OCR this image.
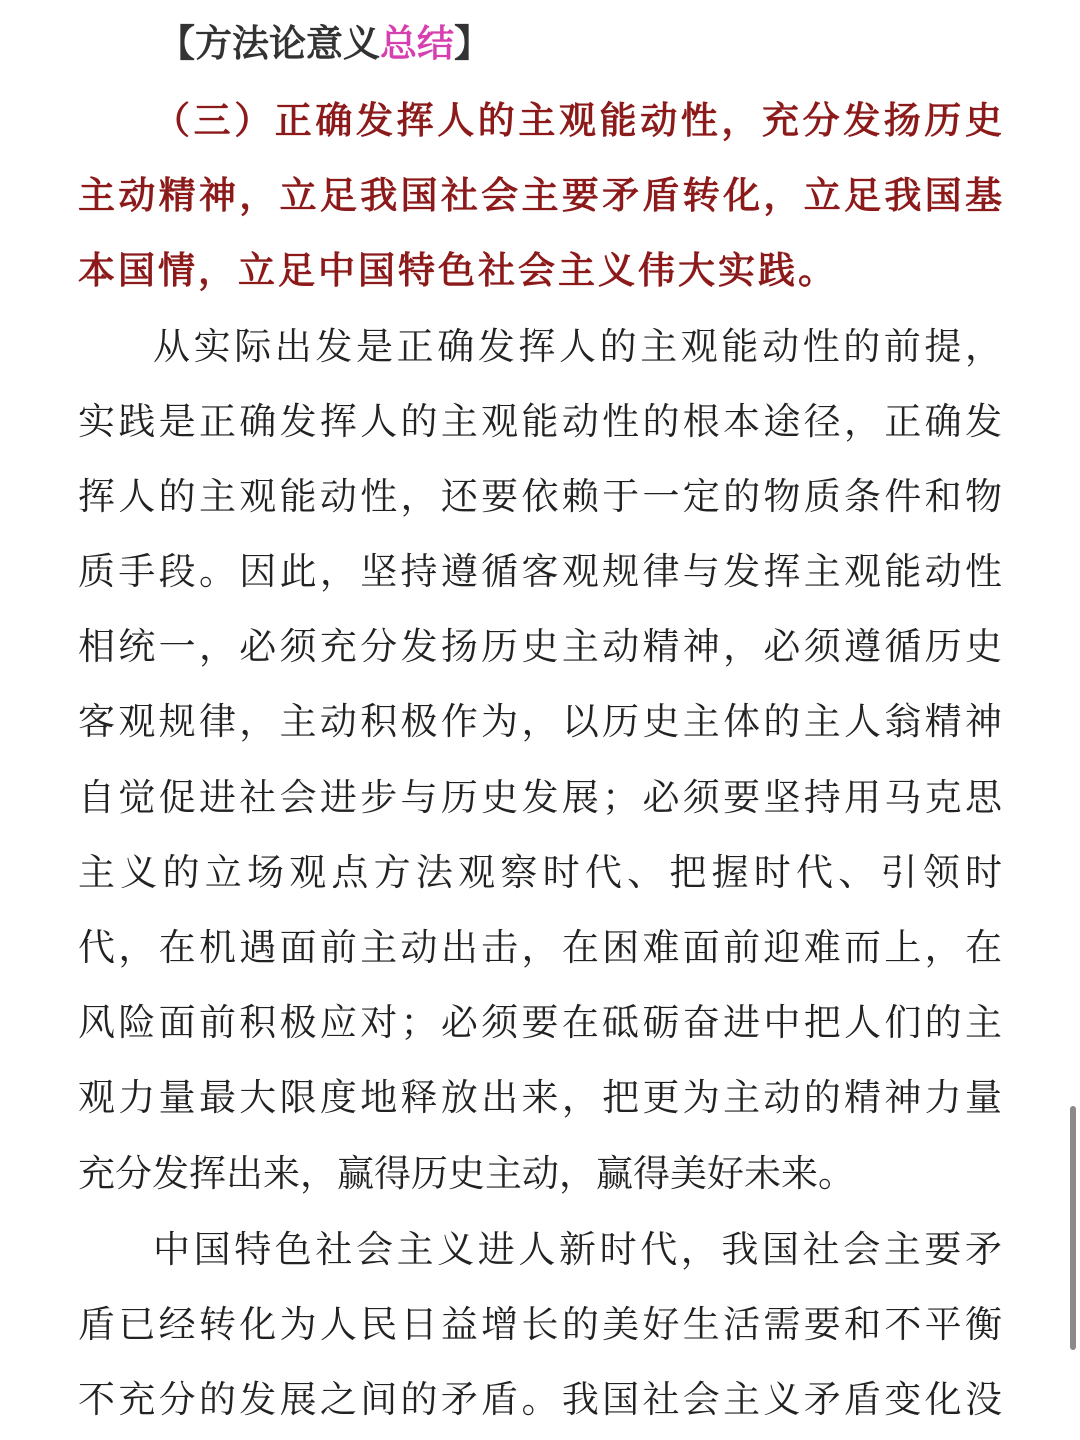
【方法论意义总结】
（三）正确发挥人的主观能动性，充分发扬历史
主动精神，立足我国社会主要矛盾转化，立足我国基
本国情，立足中国特色社会主义伟大实践。
从实际出发是正确发挥人的主观能动性的前提，
实践是正确发挥人的主观能动性的根本途径，正确发
挥人的主观能动性，还要依赖于一定的物质条件和物
质手段。因此，坚持遵循客观规律与发挥主观能动性
相统一，必须充分发扬历史主动精神，必须遵循历史
客观规律，主动积极作为，以历史主体的主人翁精神
自觉促进社会进步与历史发展；必须要坚持用马克思
主义的立场观点方法观察时代、把握时代、引领时
代，在机遇面前主动出击，在困难面前迎难而上，在
风险面前积极应对；必须要在砥砺奋进中把人们的主
观力量最大限度地释放出来，把更为主动的精神力量
充分发挥出来，赢得历史主动，赢得美好未来。
中国特色社会主义进人新时代，我国社会主要矛
盾已经转化为人民日益增长的美好生活需要和不平衡
不充分的发展之间的矛盾。我国社会主义矛盾变化没
